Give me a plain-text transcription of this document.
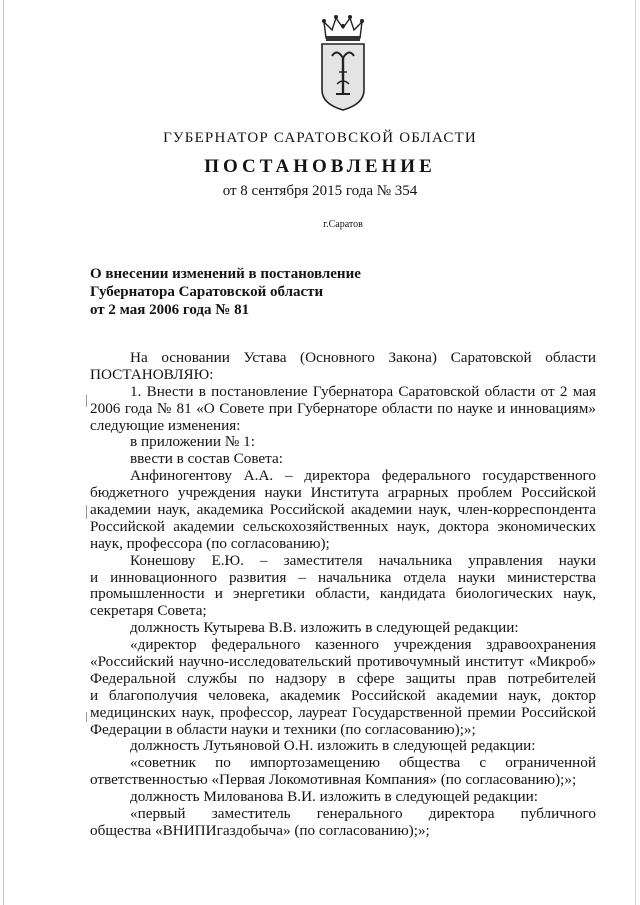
ГУБЕРНАТОР САРАТОВСКОЙ ОБЛАСТИ
ПОСТАНОВЛЕНИЕ
от 8 сентября 2015 года № 354
г.Саратов
О внесении изменений в постановление
Губернатора Саратовской области
от 2 мая 2006 года № 81
На основании Устава (Основного Закона) Саратовской области
ПОСТАНОВЛЯЮ:
1. Внести в постановление Губернатора Саратовской области от 2 мая
2006 года № 81 «О Совете при Губернаторе области по науке и инновациям»
следующие изменения:
в приложении № 1:
ввести в состав Совета:
Анфиногентову А.А. – директора федерального государственного
бюджетного учреждения науки Института аграрных проблем Российской
академии наук, академика Российской академии наук, член-корреспондента
Российской академии сельскохозяйственных наук, доктора экономических
наук, профессора (по согласованию);
Конешову Е.Ю. – заместителя начальника управления науки
и инновационного развития – начальника отдела науки министерства
промышленности и энергетики области, кандидата биологических наук,
секретаря Совета;
должность Кутырева В.В. изложить в следующей редакции:
«директор федерального казенного учреждения здравоохранения
«Российский научно-исследовательский противочумный институт «Микроб»
Федеральной службы по надзору в сфере защиты прав потребителей
и благополучия человека, академик Российской академии наук, доктор
медицинских наук, профессор, лауреат Государственной премии Российской
Федерации в области науки и техники (по согласованию);»;
должность Лутьяновой О.Н. изложить в следующей редакции:
«советник по импортозамещению общества с ограниченной
ответственностью «Первая Локомотивная Компания» (по согласованию);»;
должность Милованова В.И. изложить в следующей редакции:
«первый заместитель генерального директора публичного
общества «ВНИПИгаздобыча» (по согласованию);»;
